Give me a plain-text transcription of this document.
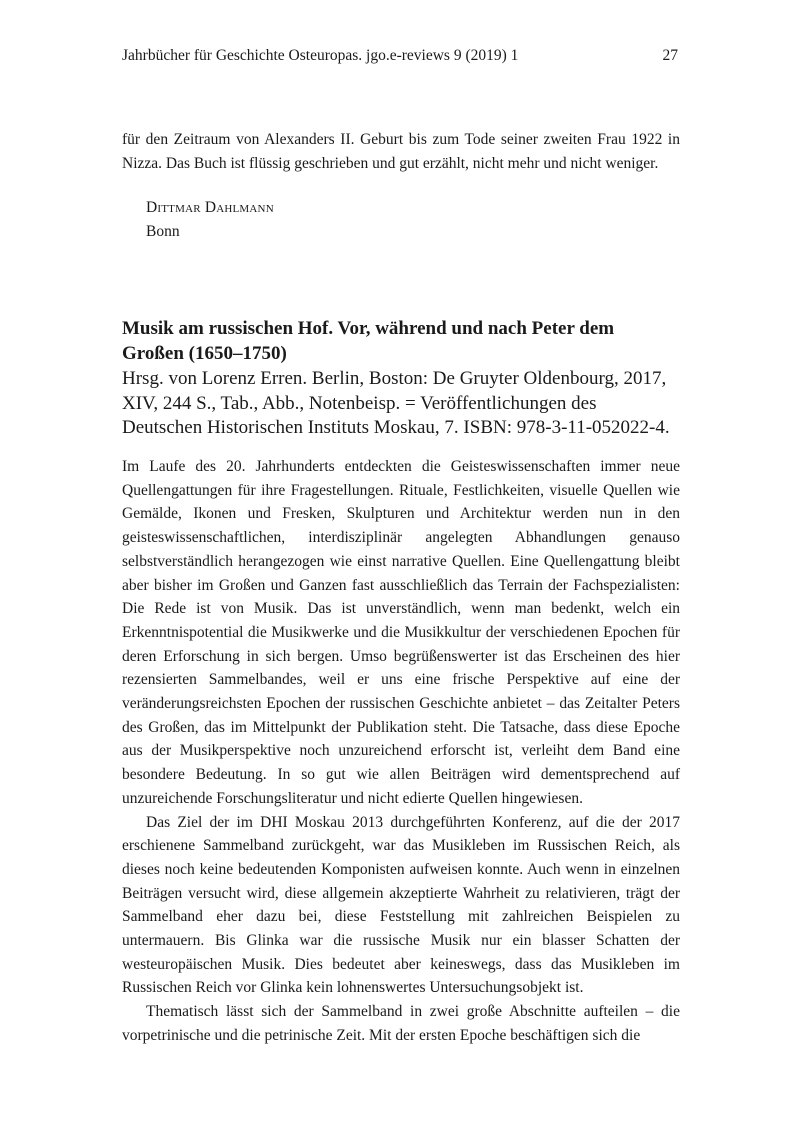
Jahrbücher für Geschichte Osteuropas. jgo.e-reviews 9 (2019) 1	27

für den Zeitraum von Alexanders II. Geburt bis zum Tode seiner zweiten Frau 1922 in Nizza. Das Buch ist flüssig geschrieben und gut erzählt, nicht mehr und nicht weniger.

Dittmar Dahlmann
Bonn
Musik am russischen Hof. Vor, während und nach Peter dem Großen (1650–1750)

Hrsg. von Lorenz Erren. Berlin, Boston: De Gruyter Oldenbourg, 2017, XIV, 244 S., Tab., Abb., Notenbeisp. = Veröffentlichungen des Deutschen Historischen Instituts Moskau, 7. ISBN: 978-3-11-052022-4.

Im Laufe des 20. Jahrhunderts entdeckten die Geisteswissenschaften immer neue Quellengattungen für ihre Fragestellungen. Rituale, Festlichkeiten, visuelle Quellen wie Gemälde, Ikonen und Fresken, Skulpturen und Architektur werden nun in den geisteswissenschaftlichen, interdisziplinär angelegten Abhandlungen genauso selbstverständlich herangezogen wie einst narrative Quellen. Eine Quellengattung bleibt aber bisher im Großen und Ganzen fast ausschließlich das Terrain der Fachspezialisten: Die Rede ist von Musik. Das ist unverständlich, wenn man bedenkt, welch ein Erkenntnispotential die Musikwerke und die Musikkultur der verschiedenen Epochen für deren Erforschung in sich bergen. Umso begrüßenswerter ist das Erscheinen des hier rezensierten Sammelbandes, weil er uns eine frische Perspektive auf eine der veränderungsreichsten Epochen der russischen Geschichte anbietet – das Zeitalter Peters des Großen, das im Mittelpunkt der Publikation steht. Die Tatsache, dass diese Epoche aus der Musikperspektive noch unzureichend erforscht ist, verleiht dem Band eine besondere Bedeutung. In so gut wie allen Beiträgen wird dementsprechend auf unzureichende Forschungsliteratur und nicht edierte Quellen hingewiesen.

Das Ziel der im DHI Moskau 2013 durchgeführten Konferenz, auf die der 2017 erschienene Sammelband zurückgeht, war das Musikleben im Russischen Reich, als dieses noch keine bedeutenden Komponisten aufweisen konnte. Auch wenn in einzelnen Beiträgen versucht wird, diese allgemein akzeptierte Wahrheit zu relativieren, trägt der Sammelband eher dazu bei, diese Feststellung mit zahlreichen Beispielen zu untermauern. Bis Glinka war die russische Musik nur ein blasser Schatten der westeuropäischen Musik. Dies bedeutet aber keineswegs, dass das Musikleben im Russischen Reich vor Glinka kein lohnenswertes Untersuchungsobjekt ist.

Thematisch lässt sich der Sammelband in zwei große Abschnitte aufteilen – die vorpetrinische und die petrinische Zeit. Mit der ersten Epoche beschäftigen sich die
